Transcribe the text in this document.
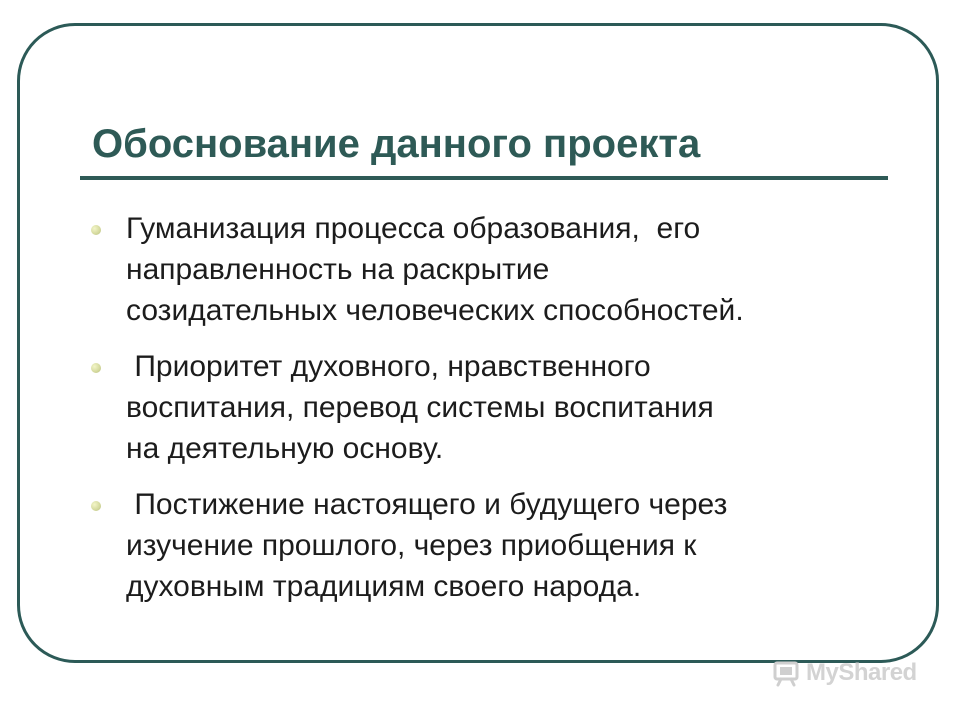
Обоснование данного проекта
Гуманизация процесса образования,  его
направленность на раскрытие
созидательных человеческих способностей.
Приоритет духовного, нравственного
воспитания, перевод системы воспитания
на деятельную основу.
Постижение настоящего и будущего через
изучение прошлого, через приобщения к
духовным традициям своего народа.
MyShared
